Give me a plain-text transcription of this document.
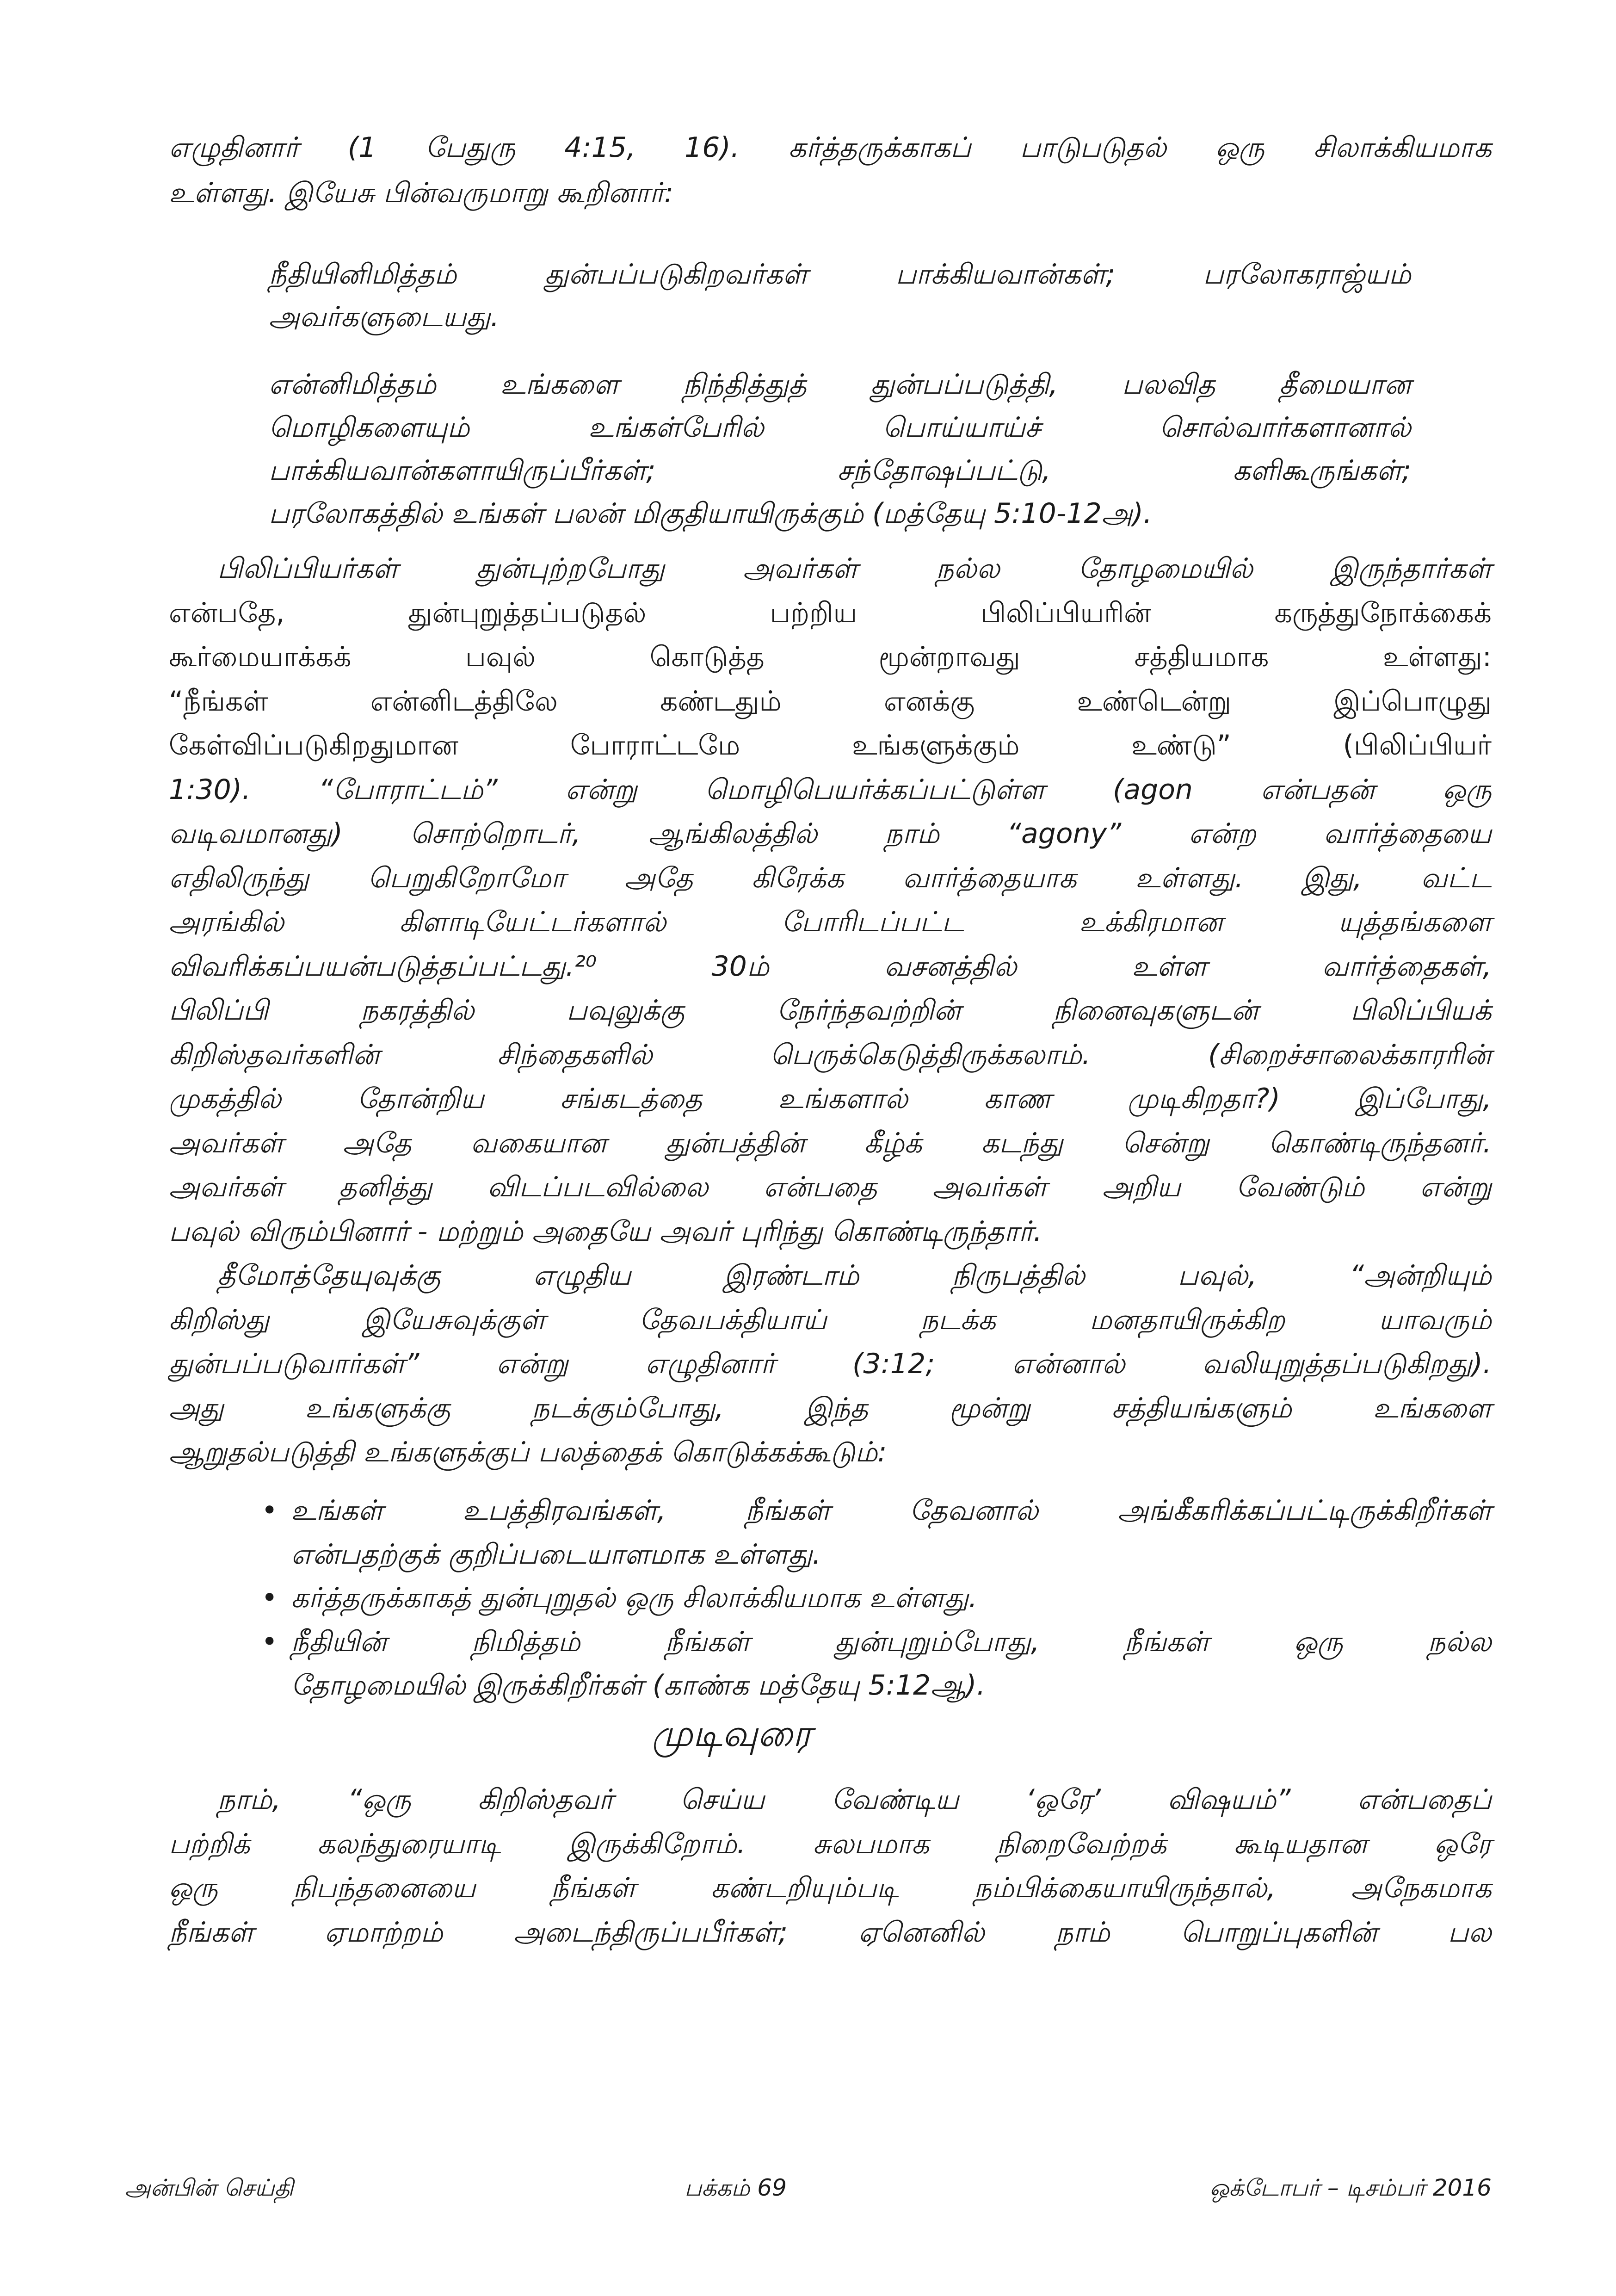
எழுதினார் (1 பேதுரு 4:15, 16). கர்த்தருக்காகப் பாடுபடுதல் ஒரு சிலாக்கியமாக
உள்ளது. இயேசு பின்வருமாறு கூறினார்:
நீதியினிமித்தம் துன்பப்படுகிறவர்கள் பாக்கியவான்கள்; பரலோகராஜ்யம்
அவர்களுடையது.
என்னிமித்தம் உங்களை நிந்தித்துத் துன்பப்படுத்தி, பலவித தீமையான
மொழிகளையும் உங்கள்பேரில் பொய்யாய்ச் சொல்வார்களானால்
பாக்கியவான்களாயிருப்பீர்கள்; சந்தோஷப்பட்டு, களிகூருங்கள்;
பரலோகத்தில் உங்கள் பலன் மிகுதியாயிருக்கும் (மத்தேயு 5:10-12அ).
பிலிப்பியர்கள் துன்புற்றபோது அவர்கள் நல்ல தோழமையில் இருந்தார்கள்
என்பதே, துன்புறுத்தப்படுதல் பற்றிய பிலிப்பியரின் கருத்துநோக்கைக்
கூர்மையாக்கக் பவுல் கொடுத்த மூன்றாவது சத்தியமாக உள்ளது:
“நீங்கள் என்னிடத்திலே கண்டதும் எனக்கு உண்டென்று இப்பொழுது
கேள்விப்படுகிறதுமான போராட்டமே உங்களுக்கும் உண்டு” (பிலிப்பியர்
1:30). “போராட்டம்” என்று மொழிபெயர்க்கப்பட்டுள்ள (agon என்பதன் ஒரு
வடிவமானது) சொற்றொடர், ஆங்கிலத்தில் நாம் “agony” என்ற வார்த்தையை
எதிலிருந்து பெறுகிறோமோ அதே கிரேக்க வார்த்தையாக உள்ளது. இது, வட்ட
அரங்கில் கிளாடியேட்டர்களால் போரிடப்பட்ட உக்கிரமான யுத்தங்களை
விவரிக்கப்பயன்படுத்தப்பட்டது.²⁰ 30ம் வசனத்தில் உள்ள வார்த்தைகள்,
பிலிப்பி நகரத்தில் பவுலுக்கு நேர்ந்தவற்றின் நினைவுகளுடன் பிலிப்பியக்
கிறிஸ்தவர்களின் சிந்தைகளில் பெருக்கெடுத்திருக்கலாம். (சிறைச்சாலைக்காரரின்
முகத்தில் தோன்றிய சங்கடத்தை உங்களால் காண முடிகிறதா?) இப்போது,
அவர்கள் அதே வகையான துன்பத்தின் கீழ்க் கடந்து சென்று கொண்டிருந்தனர்.
அவர்கள் தனித்து விடப்படவில்லை என்பதை அவர்கள் அறிய வேண்டும் என்று
பவுல் விரும்பினார் - மற்றும் அதையே அவர் புரிந்து கொண்டிருந்தார்.
தீமோத்தேயுவுக்கு எழுதிய இரண்டாம் நிருபத்தில் பவுல், “அன்றியும்
கிறிஸ்து இயேசுவுக்குள் தேவபக்தியாய் நடக்க மனதாயிருக்கிற யாவரும்
துன்பப்படுவார்கள்” என்று எழுதினார் (3:12; என்னால் வலியுறுத்தப்படுகிறது).
அது உங்களுக்கு நடக்கும்போது, இந்த மூன்று சத்தியங்களும் உங்களை
ஆறுதல்படுத்தி உங்களுக்குப் பலத்தைக் கொடுக்கக்கூடும்:
• உங்கள் உபத்திரவங்கள், நீங்கள் தேவனால் அங்கீகரிக்கப்பட்டிருக்கிறீர்கள்
என்பதற்குக் குறிப்படையாளமாக உள்ளது.
• கர்த்தருக்காகத் துன்புறுதல் ஒரு சிலாக்கியமாக உள்ளது.
• நீதியின் நிமித்தம் நீங்கள் துன்புறும்போது, நீங்கள் ஒரு நல்ல
தோழமையில் இருக்கிறீர்கள் (காண்க மத்தேயு 5:12ஆ).
முடிவுரை
நாம், “ஒரு கிறிஸ்தவர் செய்ய வேண்டிய ‘ஒரே’ விஷயம்” என்பதைப்
பற்றிக் கலந்துரையாடி இருக்கிறோம். சுலபமாக நிறைவேற்றக் கூடியதான ஒரே
ஒரு நிபந்தனையை நீங்கள் கண்டறியும்படி நம்பிக்கையாயிருந்தால், அநேகமாக
நீங்கள் ஏமாற்றம் அடைந்திருப்பபீர்கள்; ஏனெனில் நாம் பொறுப்புகளின் பல
அன்பின் செய்தி	பக்கம் 69	ஒக்டோபர் – டிசம்பர் 2016
